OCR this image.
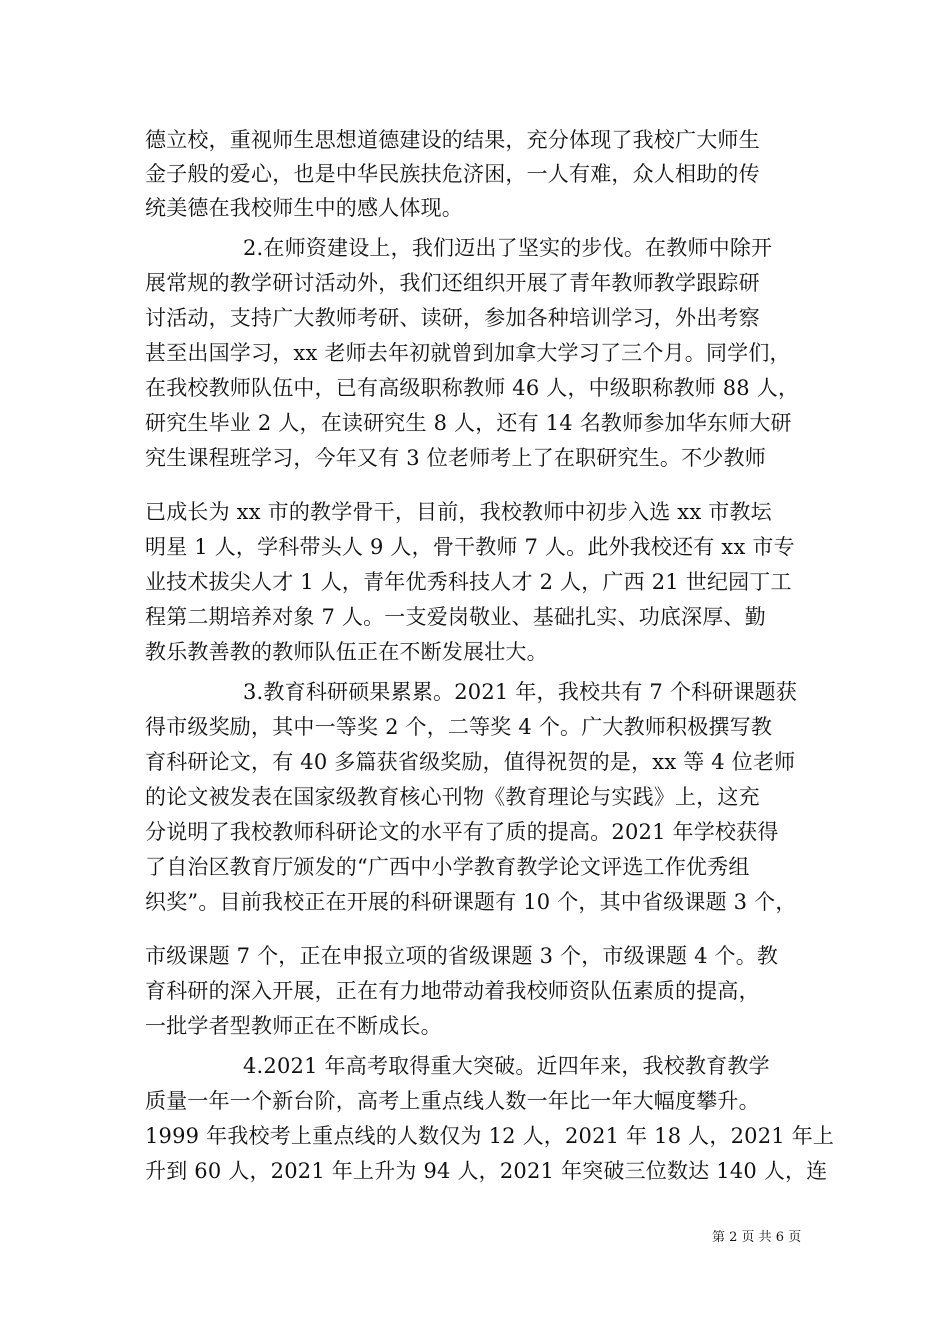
德立校，重视师生思想道德建设的结果，充分体现了我校广大师生
金子般的爱心，也是中华民族扶危济困，一人有难，众人相助的传
统美德在我校师生中的感人体现。
2.在师资建设上，我们迈出了坚实的步伐。在教师中除开
展常规的教学研讨活动外，我们还组织开展了青年教师教学跟踪研
讨活动，支持广大教师考研、读研，参加各种培训学习，外出考察
甚至出国学习，xx 老师去年初就曾到加拿大学习了三个月。同学们，
在我校教师队伍中，已有高级职称教师 46 人，中级职称教师 88 人，
研究生毕业 2 人，在读研究生 8 人，还有 14 名教师参加华东师大研
究生课程班学习，今年又有 3 位老师考上了在职研究生。不少教师
已成长为 xx 市的教学骨干，目前，我校教师中初步入选 xx 市教坛
明星 1 人，学科带头人 9 人，骨干教师 7 人。此外我校还有 xx 市专
业技术拔尖人才 1 人，青年优秀科技人才 2 人，广西 21 世纪园丁工
程第二期培养对象 7 人。一支爱岗敬业、基础扎实、功底深厚、勤
教乐教善教的教师队伍正在不断发展壮大。
3.教育科研硕果累累。2021 年，我校共有 7 个科研课题获
得市级奖励，其中一等奖 2 个，二等奖 4 个。广大教师积极撰写教
育科研论文，有 40 多篇获省级奖励，值得祝贺的是，xx 等 4 位老师
的论文被发表在国家级教育核心刊物《教育理论与实践》上，这充
分说明了我校教师科研论文的水平有了质的提高。2021 年学校获得
了自治区教育厅颁发的“广西中小学教育教学论文评选工作优秀组
织奖”。目前我校正在开展的科研课题有 10 个，其中省级课题 3 个，
市级课题 7 个，正在申报立项的省级课题 3 个，市级课题 4 个。教
育科研的深入开展，正在有力地带动着我校师资队伍素质的提高，
一批学者型教师正在不断成长。
4.2021 年高考取得重大突破。近四年来，我校教育教学
质量一年一个新台阶，高考上重点线人数一年比一年大幅度攀升。
1999 年我校考上重点线的人数仅为 12 人，2021 年 18 人，2021 年上
升到 60 人，2021 年上升为 94 人，2021 年突破三位数达 140 人，连
第 2 页 共 6 页
